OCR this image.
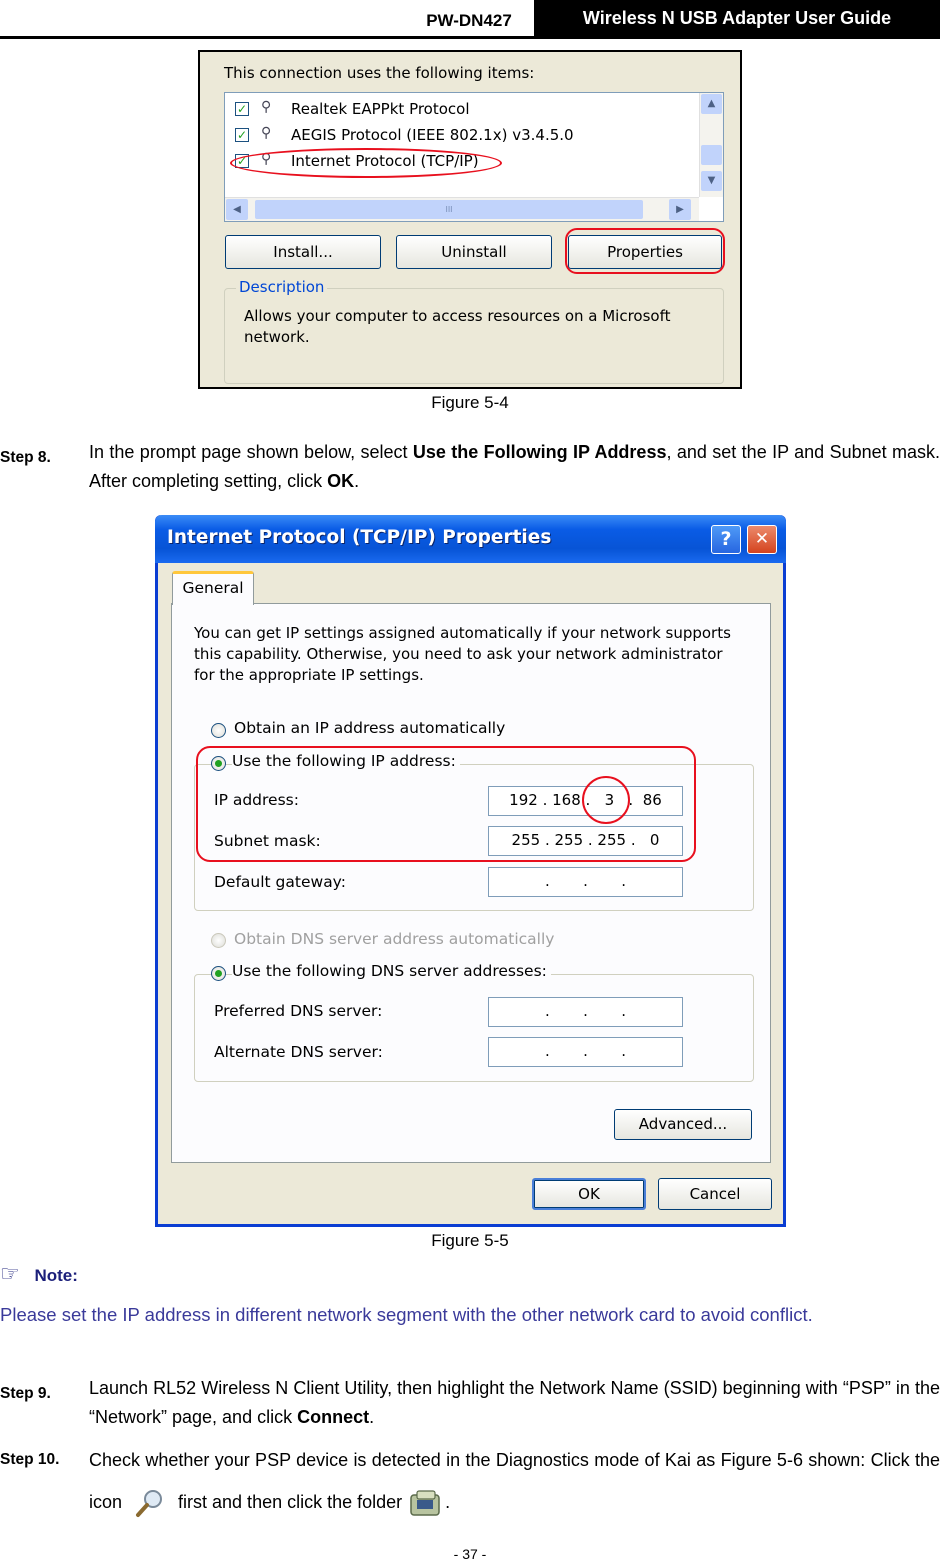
PW-DN427	Wireless N USB Adapter User Guide
This connection uses the following items:
✓ ⚲ Realtek EAPPkt Protocol
✓ ⚲ AEGIS Protocol (IEEE 802.1x) v3.4.5.0
✓ ⚲ Internet Protocol (TCP/IP)
▲
▼
◀	III	▶
Install...	Uninstall	Properties
Description
Allows your computer to access resources on a Microsoft network.
Figure 5-4
Step 8. In the prompt page shown below, select Use the Following IP Address, and set the IP and Subnet mask. After completing setting, click OK.
Internet Protocol (TCP/IP) Properties	?	✕
General
You can get IP settings assigned automatically if your network supports this capability. Otherwise, you need to ask your network administrator for the appropriate IP settings.
Obtain an IP address automatically
Use the following IP address:
IP address:	192 . 168 .   3   .  86
Subnet mask:	255 . 255 . 255 .   0
Default gateway:	.       .       .
Obtain DNS server address automatically
Use the following DNS server addresses:
Preferred DNS server:	.       .       .
Alternate DNS server:	.       .       .
Advanced...
OK	Cancel
Figure 5-5
☞ Note:
Please set the IP address in different network segment with the other network card to avoid conflict.
Step 9. Launch RL52 Wireless N Client Utility, then highlight the Network Name (SSID) beginning with “PSP” in the “Network” page, and click Connect.
Step 10. Check whether your PSP device is detected in the Diagnostics mode of Kai as Figure 5-6 shown: Click the icon	first and then click the folder .
- 37 -
